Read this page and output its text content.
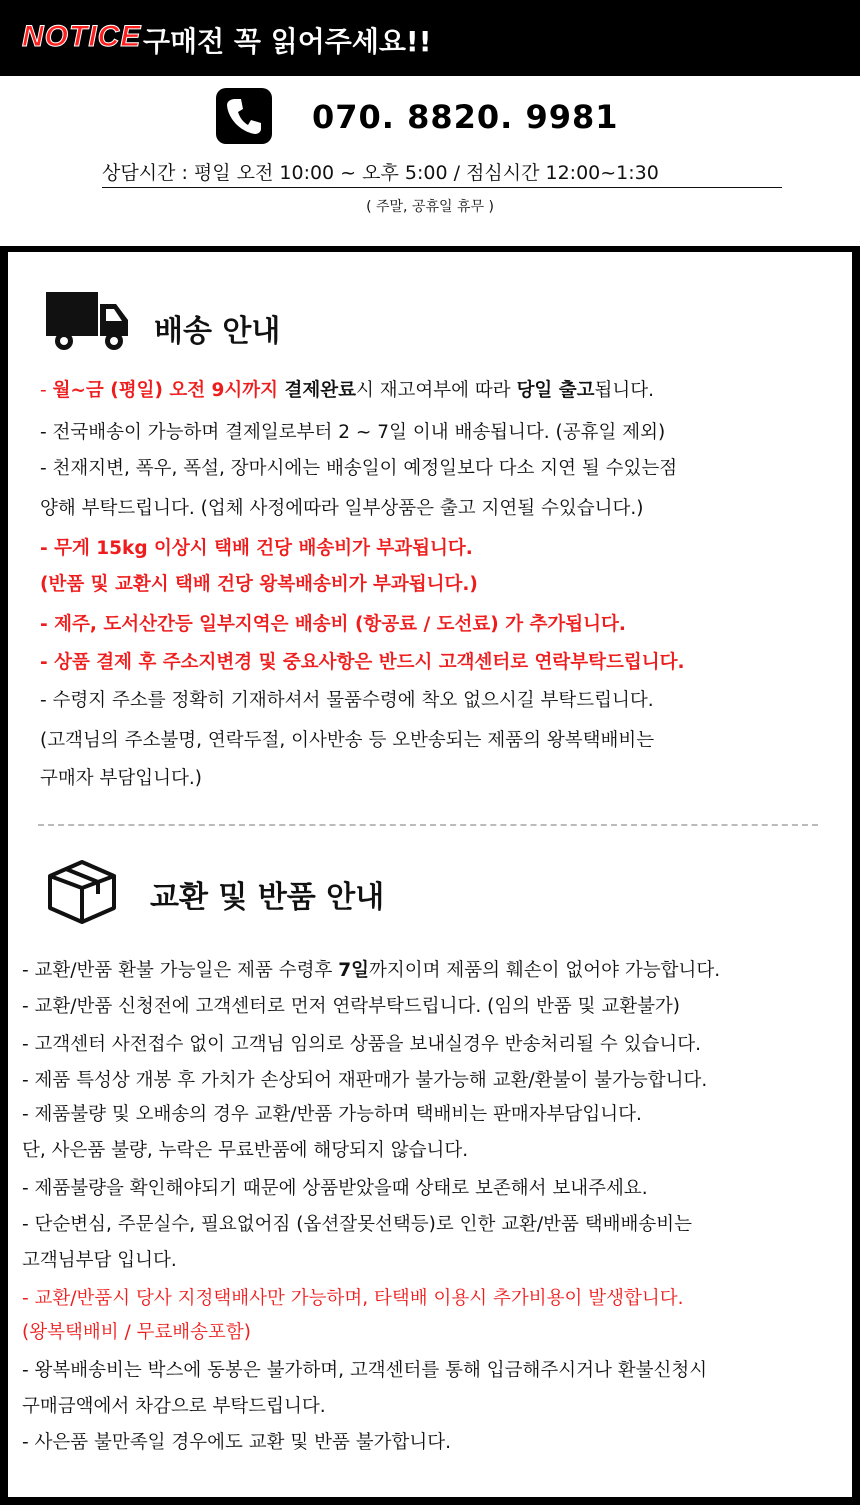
NOTICE 구매전 꼭 읽어주세요!!
070. 8820. 9981
상담시간 : 평일 오전 10:00 ~ 오후 5:00 / 점심시간 12:00~1:30
( 주말, 공휴일 휴무 )
배송 안내
- 월~금 (평일) 오전 9시까지 결제완료시 재고여부에 따라 당일 출고됩니다.
- 전국배송이 가능하며 결제일로부터 2 ~ 7일 이내 배송됩니다. (공휴일 제외)
- 천재지변, 폭우, 폭설, 장마시에는 배송일이 예정일보다 다소 지연 될 수있는점
양해 부탁드립니다. (업체 사정에따라 일부상품은 출고 지연될 수있습니다.)
- 무게 15kg 이상시 택배 건당 배송비가 부과됩니다.
(반품 및 교환시 택배 건당 왕복배송비가 부과됩니다.)
- 제주, 도서산간등 일부지역은 배송비 (항공료 / 도선료) 가 추가됩니다.
- 상품 결제 후 주소지변경 및 중요사항은 반드시 고객센터로 연락부탁드립니다.
- 수령지 주소를 정확히 기재하셔서 물품수령에 착오 없으시길 부탁드립니다.
(고객님의 주소불명, 연락두절, 이사반송 등 오반송되는 제품의 왕복택배비는
구매자 부담입니다.)
교환 및 반품 안내
- 교환/반품 환불 가능일은 제품 수령후 7일까지이며 제품의 훼손이 없어야 가능합니다.
- 교환/반품 신청전에 고객센터로 먼저 연락부탁드립니다. (임의 반품 및 교환불가)
- 고객센터 사전접수 없이 고객님 임의로 상품을 보내실경우 반송처리될 수 있습니다.
- 제품 특성상 개봉 후 가치가 손상되어 재판매가 불가능해 교환/환불이 불가능합니다.
- 제품불량 및 오배송의 경우 교환/반품 가능하며 택배비는 판매자부담입니다.
단, 사은품 불량, 누락은 무료반품에 해당되지 않습니다.
- 제품불량을 확인해야되기 때문에 상품받았을때 상태로 보존해서 보내주세요.
- 단순변심, 주문실수, 필요없어짐 (옵션잘못선택등)로 인한 교환/반품 택배배송비는
고객님부담 입니다.
- 교환/반품시 당사 지정택배사만 가능하며, 타택배 이용시 추가비용이 발생합니다.
(왕복택배비 / 무료배송포함)
- 왕복배송비는 박스에 동봉은 불가하며, 고객센터를 통해 입금해주시거나 환불신청시
구매금액에서 차감으로 부탁드립니다.
- 사은품 불만족일 경우에도 교환 및 반품 불가합니다.
